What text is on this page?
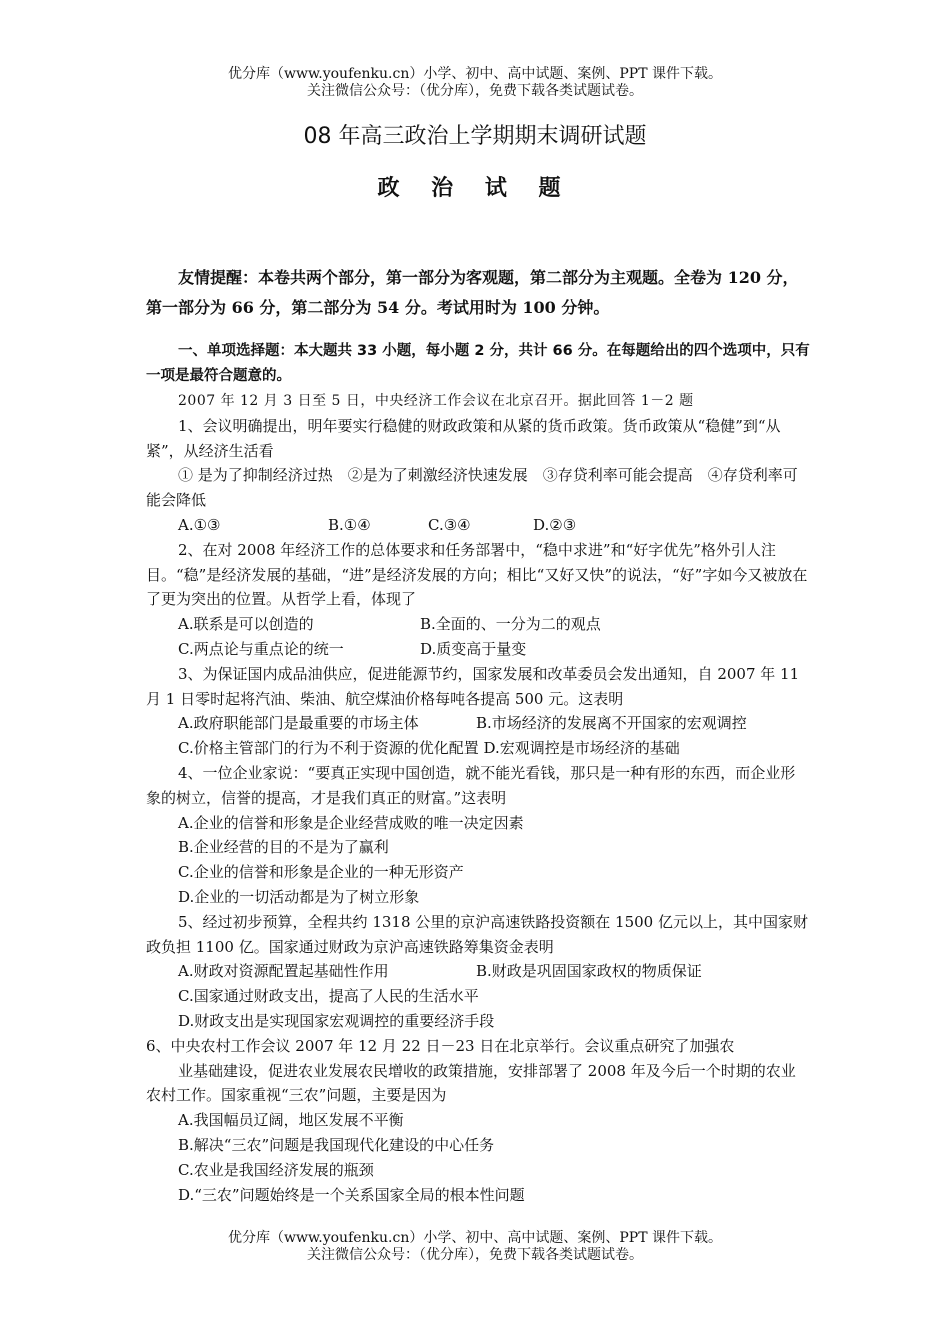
优分库（www.youfenku.cn）小学、初中、高中试题、案例、PPT 课件下载。
关注微信公众号：（优分库），免费下载各类试题试卷。
08 年高三政治上学期期末调研试题
政 治 试 题

友情提醒：本卷共两个部分，第一部分为客观题，第二部分为主观题。全卷为 120 分，第一部分为 66 分，第二部分为 54 分。考试用时为 100 分钟。

一、单项选择题：本大题共 33 小题，每小题 2 分，共计 66 分。在每题给出的四个选项中，只有一项是最符合题意的。

2007 年 12 月 3 日至 5 日，中央经济工作会议在北京召开。据此回答 1－2 题

1、会议明确提出，明年要实行稳健的财政政策和从紧的货币政策。货币政策从“稳健”到“从紧”，从经济生活看

① 是为了抑制经济过热　②是为了刺激经济快速发展　③存贷利率可能会提高　④存贷利率可能会降低

A.①③	B.①④	C.③④	D.②③

2、在对 2008 年经济工作的总体要求和任务部署中，“稳中求进”和“好字优先”格外引人注目。“稳”是经济发展的基础，“进”是经济发展的方向；相比“又好又快”的说法，“好”字如今又被放在了更为突出的位置。从哲学上看，体现了

A.联系是可以创造的	B.全面的、一分为二的观点
C.两点论与重点论的统一	D.质变高于量变

3、为保证国内成品油供应，促进能源节约，国家发展和改革委员会发出通知，自 2007 年 11 月 1 日零时起将汽油、柴油、航空煤油价格每吨各提高 500 元。这表明

A.政府职能部门是最重要的市场主体	B.市场经济的发展离不开国家的宏观调控
C.价格主管部门的行为不利于资源的优化配置 D.宏观调控是市场经济的基础

4、一位企业家说：“要真正实现中国创造，就不能光看钱，那只是一种有形的东西，而企业形象的树立，信誉的提高，才是我们真正的财富。”这表明

A.企业的信誉和形象是企业经营成败的唯一决定因素
B.企业经营的目的不是为了赢利
C.企业的信誉和形象是企业的一种无形资产
D.企业的一切活动都是为了树立形象

5、经过初步预算，全程共约 1318 公里的京沪高速铁路投资额在 1500 亿元以上，其中国家财政负担 1100 亿。国家通过财政为京沪高速铁路筹集资金表明

A.财政对资源配置起基础性作用	B.财政是巩固国家政权的物质保证
C.国家通过财政支出，提高了人民的生活水平
D.财政支出是实现国家宏观调控的重要经济手段

6、中央农村工作会议 2007 年 12 月 22 日－23 日在北京举行。会议重点研究了加强农

业基础建设，促进农业发展农民增收的政策措施，安排部署了 2008 年及今后一个时期的农业农村工作。国家重视“三农”问题，主要是因为

A.我国幅员辽阔，地区发展不平衡
B.解决“三农”问题是我国现代化建设的中心任务
C.农业是我国经济发展的瓶颈
D.“三农”问题始终是一个关系国家全局的根本性问题
优分库（www.youfenku.cn）小学、初中、高中试题、案例、PPT 课件下载。
关注微信公众号：（优分库），免费下载各类试题试卷。
